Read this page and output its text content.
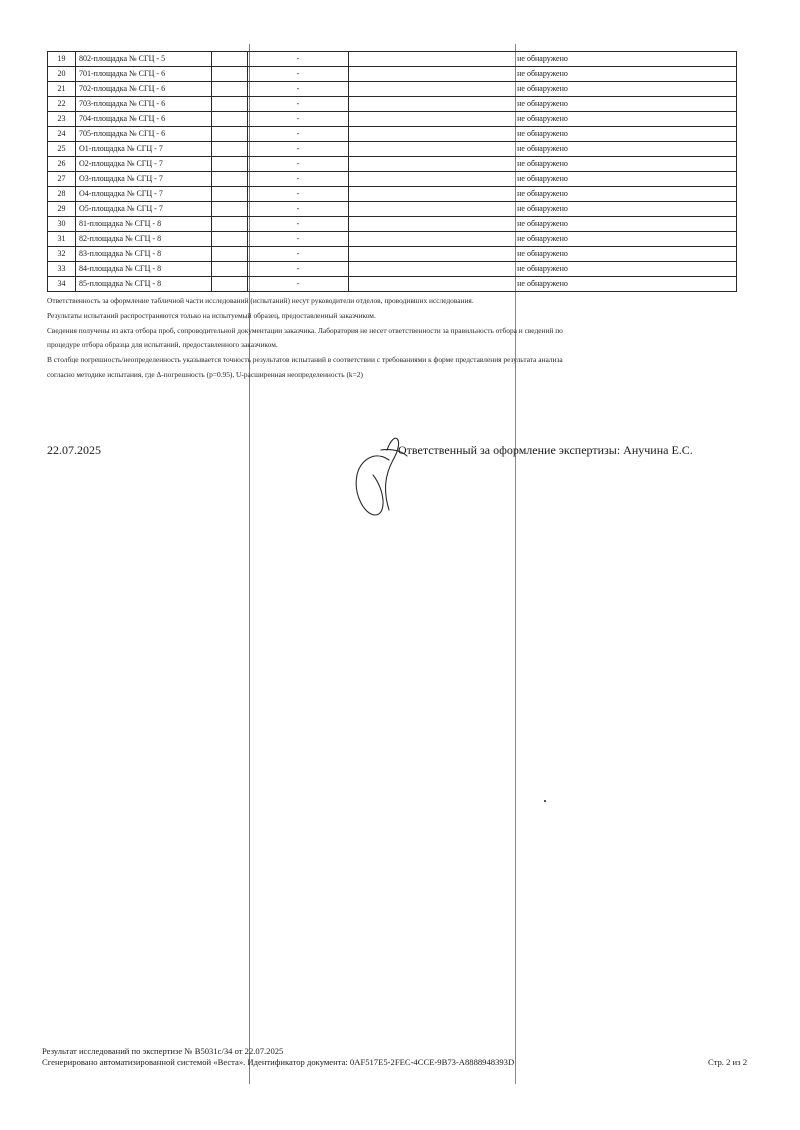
19	802-площадка № СГЦ - 5		-	не обнаружено
20	701-площадка № СГЦ - 6		-	не обнаружено
21	702-площадка № СГЦ - 6		-	не обнаружено
22	703-площадка № СГЦ - 6		-	не обнаружено
23	704-площадка № СГЦ - 6		-	не обнаружено
24	705-площадка № СГЦ - 6		-	не обнаружено
25	О1-площадка № СГЦ - 7		-	не обнаружено
26	О2-площадка № СГЦ - 7		-	не обнаружено
27	О3-площадка № СГЦ - 7		-	не обнаружено
28	О4-площадка № СГЦ - 7		-	не обнаружено
29	О5-площадка № СГЦ - 7		-	не обнаружено
30	81-площадка № СГЦ - 8		-	не обнаружено
31	82-площадка № СГЦ - 8		-	не обнаружено
32	83-площадка № СГЦ - 8		-	не обнаружено
33	84-площадка № СГЦ - 8		-	не обнаружено
34	85-площадка № СГЦ - 8		-	не обнаружено

Ответственность за оформление табличной части исследований (испытаний) несут руководители отделов, проводивших исследования.

Результаты испытаний распространяются только на испытуемый образец, предоставленный заказчиком.

Сведения получены из акта отбора проб, сопроводительной документации заказчика. Лаборатория не несет ответственности за правильность отбора и сведений по

процедуре отбора образца для испытаний, предоставленного заказчиком.

В столбце погрешность/неопределенность указывается точность результатов испытаний в соответствии с требованиями к форме представления результата анализа

согласно методике испытания, где Δ-погрешность (p=0.95), U-расширенная неопределенность (k=2)

22.07.2025	Ответственный за оформление экспертизы: Анучина Е.С.
Результат исследований по экспертизе № В5031с/34 от 22.07.2025
Сгенерировано автоматизированной системой «Веста». Идентификатор документа: 0AF517E5-2FEC-4CCE-9B73-A8888948393D	Стр. 2 из 2
